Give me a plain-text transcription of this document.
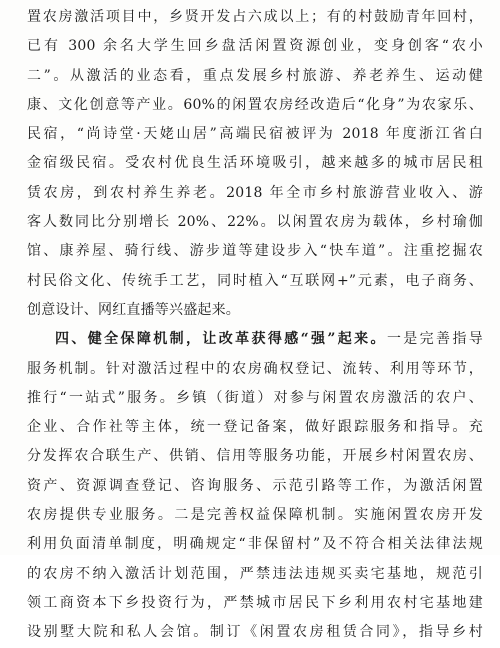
置农房激活项目中，乡贤开发占六成以上；有的村鼓励青年回村，
已有 300 余名大学生回乡盘活闲置资源创业，变身创客“农小
二”。从激活的业态看，重点发展乡村旅游、养老养生、运动健
康、文化创意等产业。60%的闲置农房经改造后“化身”为农家乐、
民宿，“尚诗堂·天姥山居”高端民宿被评为 2018 年度浙江省白
金宿级民宿。受农村优良生活环境吸引，越来越多的城市居民租
赁农房，到农村养生养老。2018 年全市乡村旅游营业收入、游
客人数同比分别增长 20%、22%。以闲置农房为载体，乡村瑜伽
馆、康养屋、骑行线、游步道等建设步入“快车道”。注重挖掘农
村民俗文化、传统手工艺，同时植入“互联网+”元素，电子商务、
创意设计、网红直播等兴盛起来。
四、健全保障机制，让改革获得感“强”起来。一是完善指导
服务机制。针对激活过程中的农房确权登记、流转、利用等环节，
推行“一站式”服务。乡镇（街道）对参与闲置农房激活的农户、
企业、合作社等主体，统一登记备案，做好跟踪服务和指导。充
分发挥农合联生产、供销、信用等服务功能，开展乡村闲置农房、
资产、资源调查登记、咨询服务、示范引路等工作，为激活闲置
农房提供专业服务。二是完善权益保障机制。实施闲置农房开发
利用负面清单制度，明确规定“非保留村”及不符合相关法律法规
的农房不纳入激活计划范围，严禁违法违规买卖宅基地，规范引
领工商资本下乡投资行为，严禁城市居民下乡利用农村宅基地建
设别墅大院和私人会馆。制订《闲置农房租赁合同》，指导乡村
